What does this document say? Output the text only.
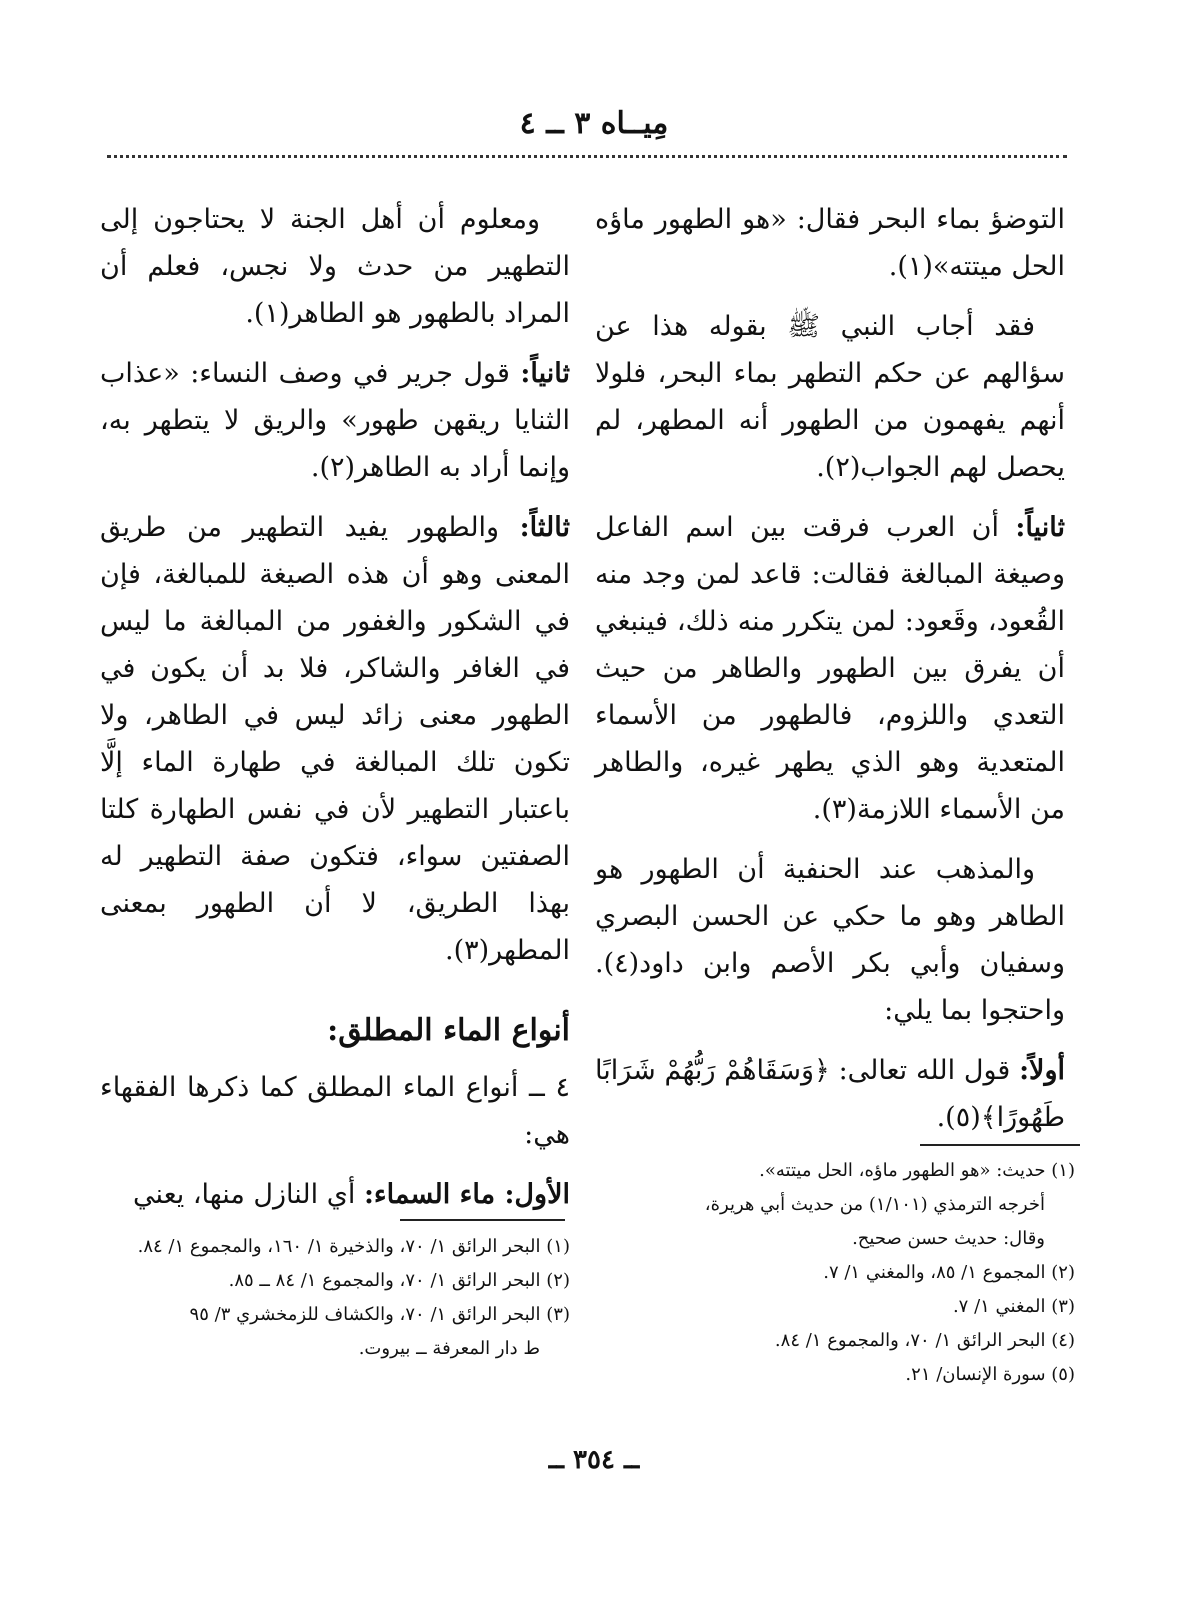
مِيــاه ٣ ــ ٤

التوضؤ بماء البحر فقال: «هو الطهور ماؤه الحل ميتته»(١).

فقد أجاب النبي ﷺ بقوله هذا عن سؤالهم عن حكم التطهر بماء البحر، فلولا أنهم يفهمون من الطهور أنه المطهر، لم يحصل لهم الجواب(٢).

ثانياً: أن العرب فرقت بين اسم الفاعل وصيغة المبالغة فقالت: قاعد لمن وجد منه القُعود، وقَعود: لمن يتكرر منه ذلك، فينبغي أن يفرق بين الطهور والطاهر من حيث التعدي واللزوم، فالطهور من الأسماء المتعدية وهو الذي يطهر غيره، والطاهر من الأسماء اللازمة(٣).

والمذهب عند الحنفية أن الطهور هو الطاهر وهو ما حكي عن الحسن البصري وسفيان وأبي بكر الأصم وابن داود(٤). واحتجوا بما يلي:

أولاً: قول الله تعالى: ﴿وَسَقَاهُمْ رَبُّهُمْ شَرَابًا طَهُورًا﴾(٥).

ومعلوم أن أهل الجنة لا يحتاجون إلى التطهير من حدث ولا نجس، فعلم أن المراد بالطهور هو الطاهر(١).

ثانياً: قول جرير في وصف النساء: «عذاب الثنايا ريقهن طهور» والريق لا يتطهر به، وإنما أراد به الطاهر(٢).

ثالثاً: والطهور يفيد التطهير من طريق المعنى وهو أن هذه الصيغة للمبالغة، فإن في الشكور والغفور من المبالغة ما ليس في الغافر والشاكر، فلا بد أن يكون في الطهور معنى زائد ليس في الطاهر، ولا تكون تلك المبالغة في طهارة الماء إلَّا باعتبار التطهير لأن في نفس الطهارة كلتا الصفتين سواء، فتكون صفة التطهير له بهذا الطريق، لا أن الطهور بمعنى المطهر(٣).

أنواع الماء المطلق:

٤ ــ أنواع الماء المطلق كما ذكرها الفقهاء هي:

الأول: ماء السماء: أي النازل منها، يعني

(١) حديث: «هو الطهور ماؤه، الحل ميتته».

أخرجه الترمذي (١/١٠١) من حديث أبي هريرة،

وقال: حديث حسن صحيح.

(٢) المجموع ١/ ٨٥، والمغني ١/ ٧.

(٣) المغني ١/ ٧.

(٤) البحر الرائق ١/ ٧٠، والمجموع ١/ ٨٤.

(٥) سورة الإنسان/ ٢١.

(١) البحر الرائق ١/ ٧٠، والذخيرة ١/ ١٦٠، والمجموع ١/ ٨٤.

(٢) البحر الرائق ١/ ٧٠، والمجموع ١/ ٨٤ ــ ٨٥.

(٣) البحر الرائق ١/ ٧٠، والكشاف للزمخشري ٣/ ٩٥

ط دار المعرفة ــ بيروت.

ــ ٣٥٤ ــ
